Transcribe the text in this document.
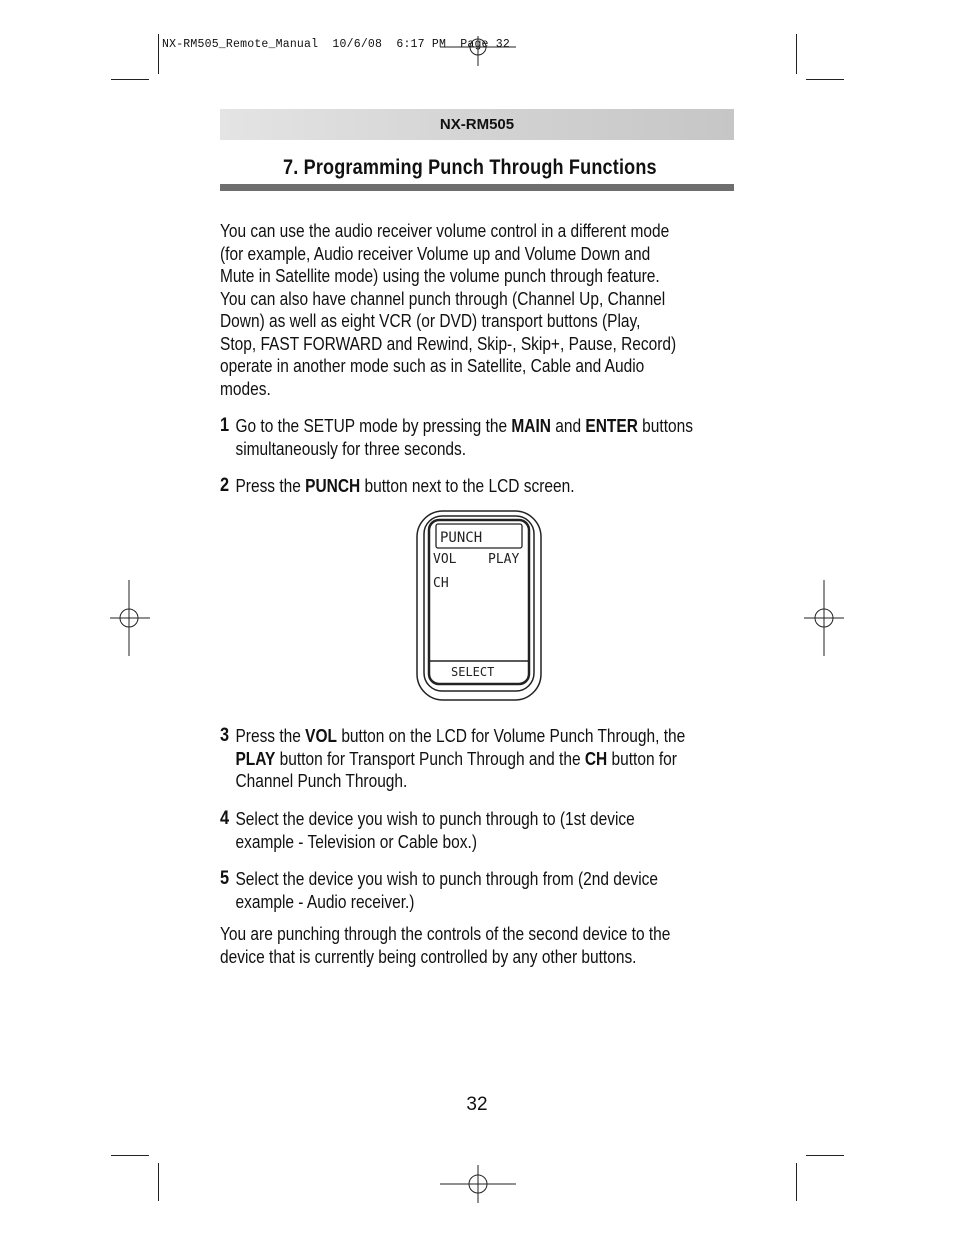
NX-RM505_Remote_Manual  10/6/08  6:17 PM  Page 32
NX-RM505
7. Programming Punch Through Functions
You can use the audio receiver volume control in a different mode
(for example, Audio receiver Volume up and Volume Down and
Mute in Satellite mode) using the volume punch through feature.
You can also have channel punch through (Channel Up, Channel
Down) as well as eight VCR (or DVD) transport buttons (Play,
Stop, FAST FORWARD and Rewind, Skip-, Skip+, Pause, Record)
operate in another mode such as in Satellite, Cable and Audio
modes.
1 Go to the SETUP mode by pressing the MAIN and ENTER buttons
simultaneously for three seconds.
2 Press the PUNCH button next to the LCD screen.
PUNCH
VOL PLAY
CH
SELECT
3 Press the VOL button on the LCD for Volume Punch Through, the
PLAY button for Transport Punch Through and the CH button for
Channel Punch Through.
4 Select the device you wish to punch through to (1st device
example - Television or Cable box.)
5 Select the device you wish to punch through from (2nd device
example - Audio receiver.)
You are punching through the controls of the second device to the
device that is currently being controlled by any other buttons.
32
